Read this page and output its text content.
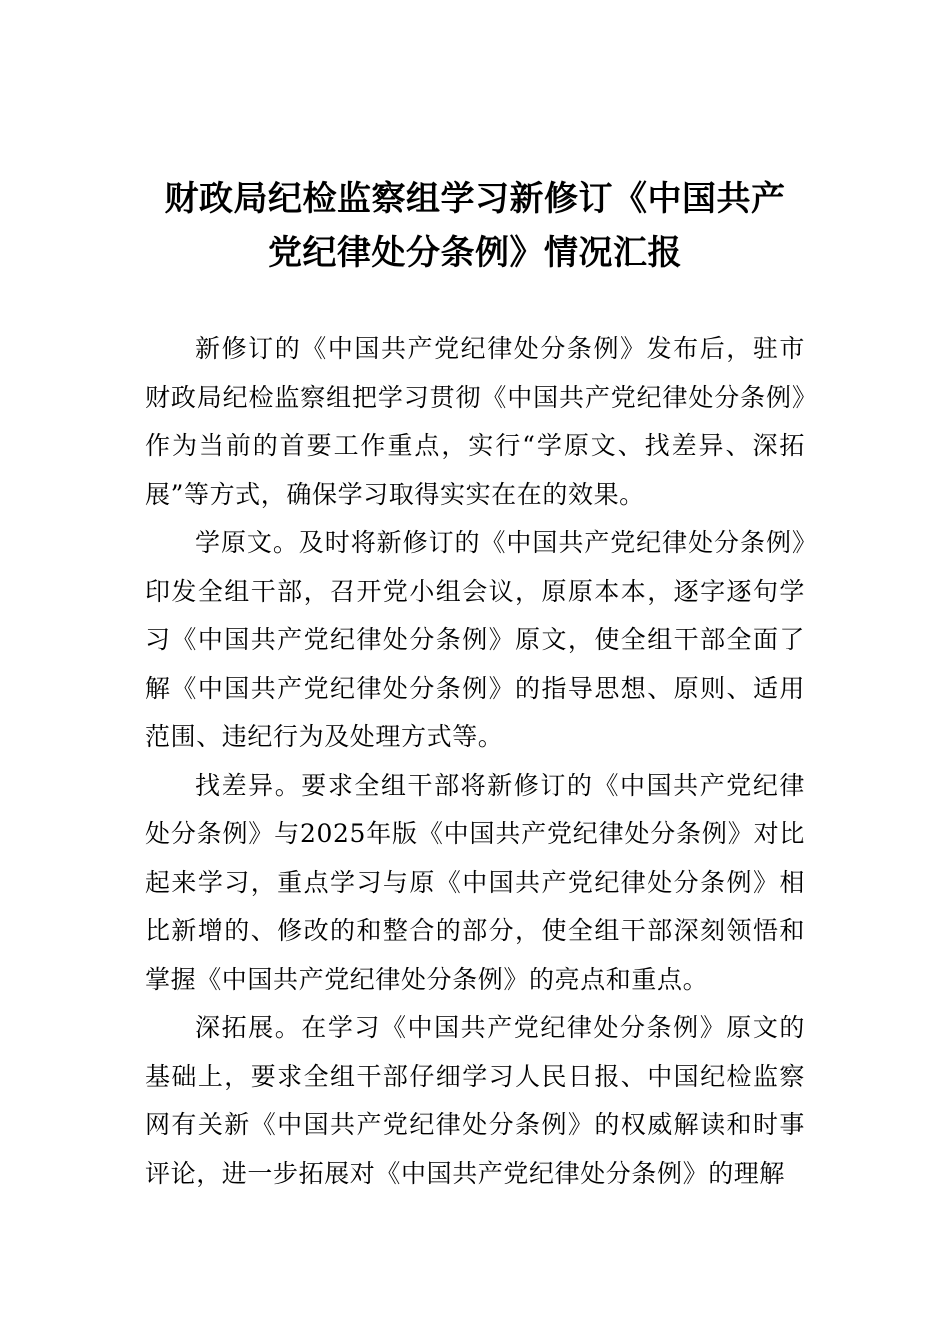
财政局纪检监察组学习新修订《中国共产
党纪律处分条例》情况汇报

新修订的《中国共产党纪律处分条例》发布后，驻市财政局纪检监察组把学习贯彻《中国共产党纪律处分条例》作为当前的首要工作重点，实行“学原文、找差异、深拓展”等方式，确保学习取得实实在在的效果。

学原文。及时将新修订的《中国共产党纪律处分条例》印发全组干部，召开党小组会议，原原本本，逐字逐句学习《中国共产党纪律处分条例》原文，使全组干部全面了解《中国共产党纪律处分条例》的指导思想、原则、适用范围、违纪行为及处理方式等。

找差异。要求全组干部将新修订的《中国共产党纪律处分条例》与2025年版《中国共产党纪律处分条例》对比起来学习，重点学习与原《中国共产党纪律处分条例》相比新增的、修改的和整合的部分，使全组干部深刻领悟和掌握《中国共产党纪律处分条例》的亮点和重点。

深拓展。在学习《中国共产党纪律处分条例》原文的基础上，要求全组干部仔细学习人民日报、中国纪检监察网有关新《中国共产党纪律处分条例》的权威解读和时事评论，进一步拓展对《中国共产党纪律处分条例》的理解
